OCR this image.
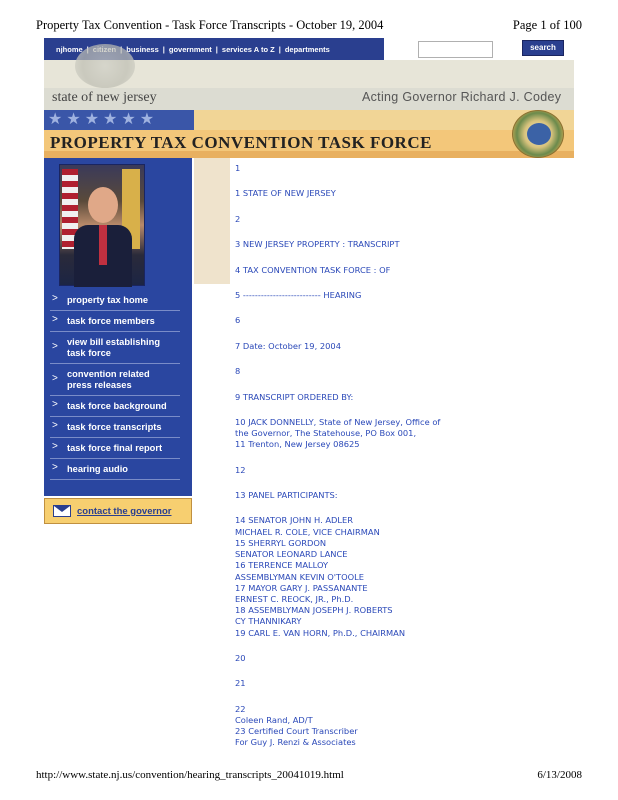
Property Tax Convention - Task Force Transcripts - October 19, 2004	Page 1 of 100
njhome	business | government | services A to Z | departments	search
state of new jersey	Acting Governor Richard J. Codey
★★★★★★
PROPERTY TAX CONVENTION TASK FORCE
> property tax home
> task force members
> view bill establishing task force
> convention related press releases
> task force background
> task force transcripts
> task force final report
> hearing audio
contact the governor
1
1 STATE OF NEW JERSEY
2
3 NEW JERSEY PROPERTY : TRANSCRIPT
4 TAX CONVENTION TASK FORCE : OF
5 -------------------------- HEARING
6
7 Date: October 19, 2004
8
9 TRANSCRIPT ORDERED BY:
10 JACK DONNELLY, State of New Jersey, Office of
the Governor, The Statehouse, PO Box 001,
11 Trenton, New Jersey 08625
12
13 PANEL PARTICIPANTS:
14 SENATOR JOHN H. ADLER
MICHAEL R. COLE, VICE CHAIRMAN
15 SHERRYL GORDON
SENATOR LEONARD LANCE
16 TERRENCE MALLOY
ASSEMBLYMAN KEVIN O'TOOLE
17 MAYOR GARY J. PASSANANTE
ERNEST C. REOCK, JR., Ph.D.
18 ASSEMBLYMAN JOSEPH J. ROBERTS
CY THANNIKARY
19 CARL E. VAN HORN, Ph.D., CHAIRMAN
20
21
22
Coleen Rand, AD/T
23 Certified Court Transcriber
For Guy J. Renzi & Associates
http://www.state.nj.us/convention/hearing_transcripts_20041019.html	6/13/2008
